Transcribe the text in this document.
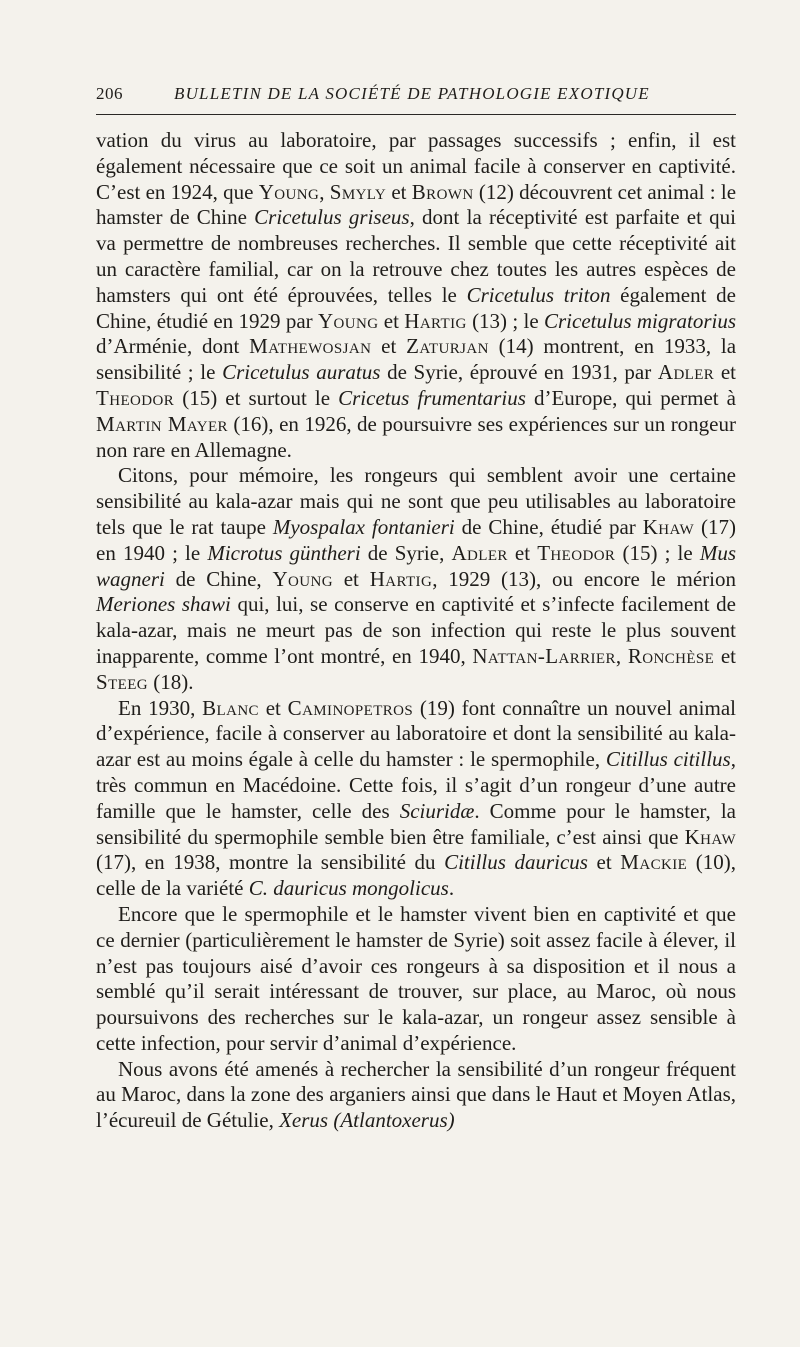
206	BULLETIN DE LA SOCIÉTÉ DE PATHOLOGIE EXOTIQUE

vation du virus au laboratoire, par passages successifs ; enfin, il est également nécessaire que ce soit un animal facile à conserver en captivité. C’est en 1924, que Young, Smyly et Brown (12) découvrent cet animal : le hamster de Chine Cricetulus griseus, dont la réceptivité est parfaite et qui va permettre de nombreuses recherches. Il semble que cette réceptivité ait un caractère familial, car on la retrouve chez toutes les autres espèces de hamsters qui ont été éprouvées, telles le Cricetulus triton également de Chine, étudié en 1929 par Young et Hartig (13) ; le Cricetulus migratorius d’Arménie, dont Mathewosjan et Zaturjan (14) montrent, en 1933, la sensibilité ; le Cricetulus auratus de Syrie, éprouvé en 1931, par Adler et Theodor (15) et surtout le Cricetus frumentarius d’Europe, qui permet à Martin Mayer (16), en 1926, de poursuivre ses expériences sur un rongeur non rare en Allemagne.

Citons, pour mémoire, les rongeurs qui semblent avoir une certaine sensibilité au kala-azar mais qui ne sont que peu utilisables au laboratoire tels que le rat taupe Myospalax fontanieri de Chine, étudié par Khaw (17) en 1940 ; le Microtus güntheri de Syrie, Adler et Theodor (15) ; le Mus wagneri de Chine, Young et Hartig, 1929 (13), ou encore le mérion Meriones shawi qui, lui, se conserve en captivité et s’infecte facilement de kala-azar, mais ne meurt pas de son infection qui reste le plus souvent inapparente, comme l’ont montré, en 1940, Nattan-Larrier, Ronchèse et Steeg (18).

En 1930, Blanc et Caminopetros (19) font connaître un nouvel animal d’expérience, facile à conserver au laboratoire et dont la sensibilité au kala-azar est au moins égale à celle du hamster : le spermophile, Citillus citillus, très commun en Macédoine. Cette fois, il s’agit d’un rongeur d’une autre famille que le hamster, celle des Sciuridæ. Comme pour le hamster, la sensibilité du spermophile semble bien être familiale, c’est ainsi que Khaw (17), en 1938, montre la sensibilité du Citillus dauricus et Mackie (10), celle de la variété C. dauricus mongolicus.

Encore que le spermophile et le hamster vivent bien en captivité et que ce dernier (particulièrement le hamster de Syrie) soit assez facile à élever, il n’est pas toujours aisé d’avoir ces rongeurs à sa disposition et il nous a semblé qu’il serait intéressant de trouver, sur place, au Maroc, où nous poursuivons des recherches sur le kala-azar, un rongeur assez sensible à cette infection, pour servir d’animal d’expérience.

Nous avons été amenés à rechercher la sensibilité d’un rongeur fréquent au Maroc, dans la zone des arganiers ainsi que dans le Haut et Moyen Atlas, l’écureuil de Gétulie, Xerus (Atlantoxerus)
